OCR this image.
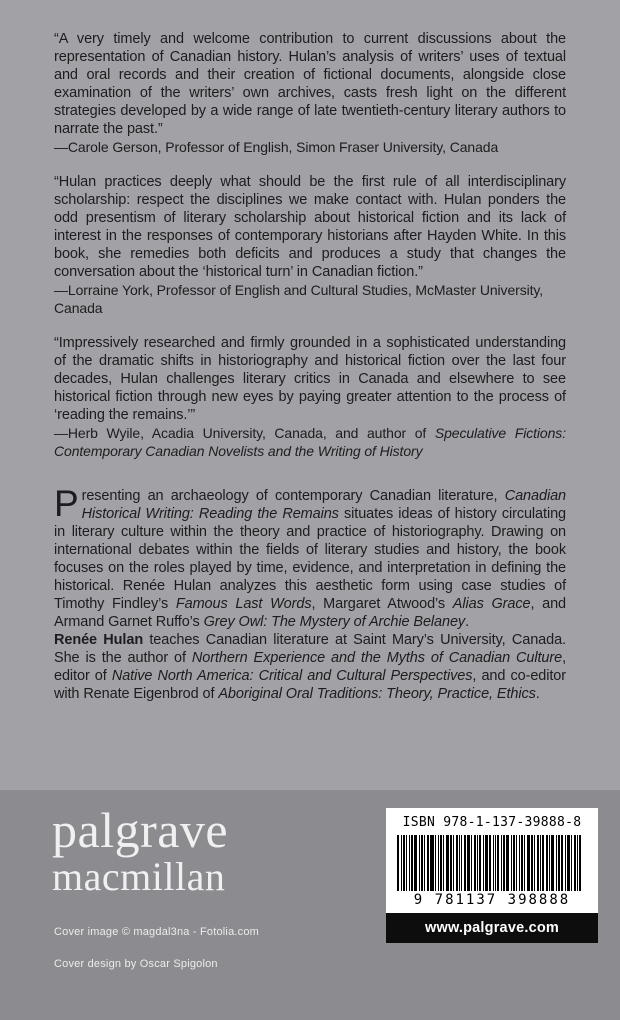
“A very timely and welcome contribution to current discussions about the representation of Canadian history. Hulan’s analysis of writers’ uses of textual and oral records and their creation of fictional documents, alongside close examination of the writers’ own archives, casts fresh light on the different strategies developed by a wide range of late twentieth-century literary authors to narrate the past.”

—Carole Gerson, Professor of English, Simon Fraser University, Canada

“Hulan practices deeply what should be the first rule of all interdisciplinary scholarship: respect the disciplines we make contact with. Hulan ponders the odd presentism of literary scholarship about historical fiction and its lack of interest in the responses of contemporary historians after Hayden White. In this book, she remedies both deficits and produces a study that changes the conversation about the ‘historical turn’ in Canadian fiction.”

—Lorraine York, Professor of English and Cultural Studies, McMaster University, Canada

“Impressively researched and firmly grounded in a sophisticated understanding of the dramatic shifts in historiography and historical fiction over the last four decades, Hulan challenges literary critics in Canada and elsewhere to see historical fiction through new eyes by paying greater attention to the process of ‘reading the remains.’”

—Herb Wyile, Acadia University, Canada, and author of Speculative Fictions: Contemporary Canadian Novelists and the Writing of History

Presenting an archaeology of contemporary Canadian literature, Canadian Historical Writing: Reading the Remains situates ideas of history circulating in literary culture within the theory and practice of historiography. Drawing on international debates within the fields of literary studies and history, the book focuses on the roles played by time, evidence, and interpretation in defining the historical. Renée Hulan analyzes this aesthetic form using case studies of Timothy Findley’s Famous Last Words, Margaret Atwood’s Alias Grace, and Armand Garnet Ruffo’s Grey Owl: The Mystery of Archie Belaney.

Renée Hulan teaches Canadian literature at Saint Mary’s University, Canada. She is the author of Northern Experience and the Myths of Canadian Culture, editor of Native North America: Critical and Cultural Perspectives, and co-editor with Renate Eigenbrod of Aboriginal Oral Traditions: Theory, Practice, Ethics.

palgrave
macmillan
ISBN 978-1-137-39888-8
9 781137 398888
www.palgrave.com
Cover image © magdal3na - Fotolia.com
Cover design by Oscar Spigolon
